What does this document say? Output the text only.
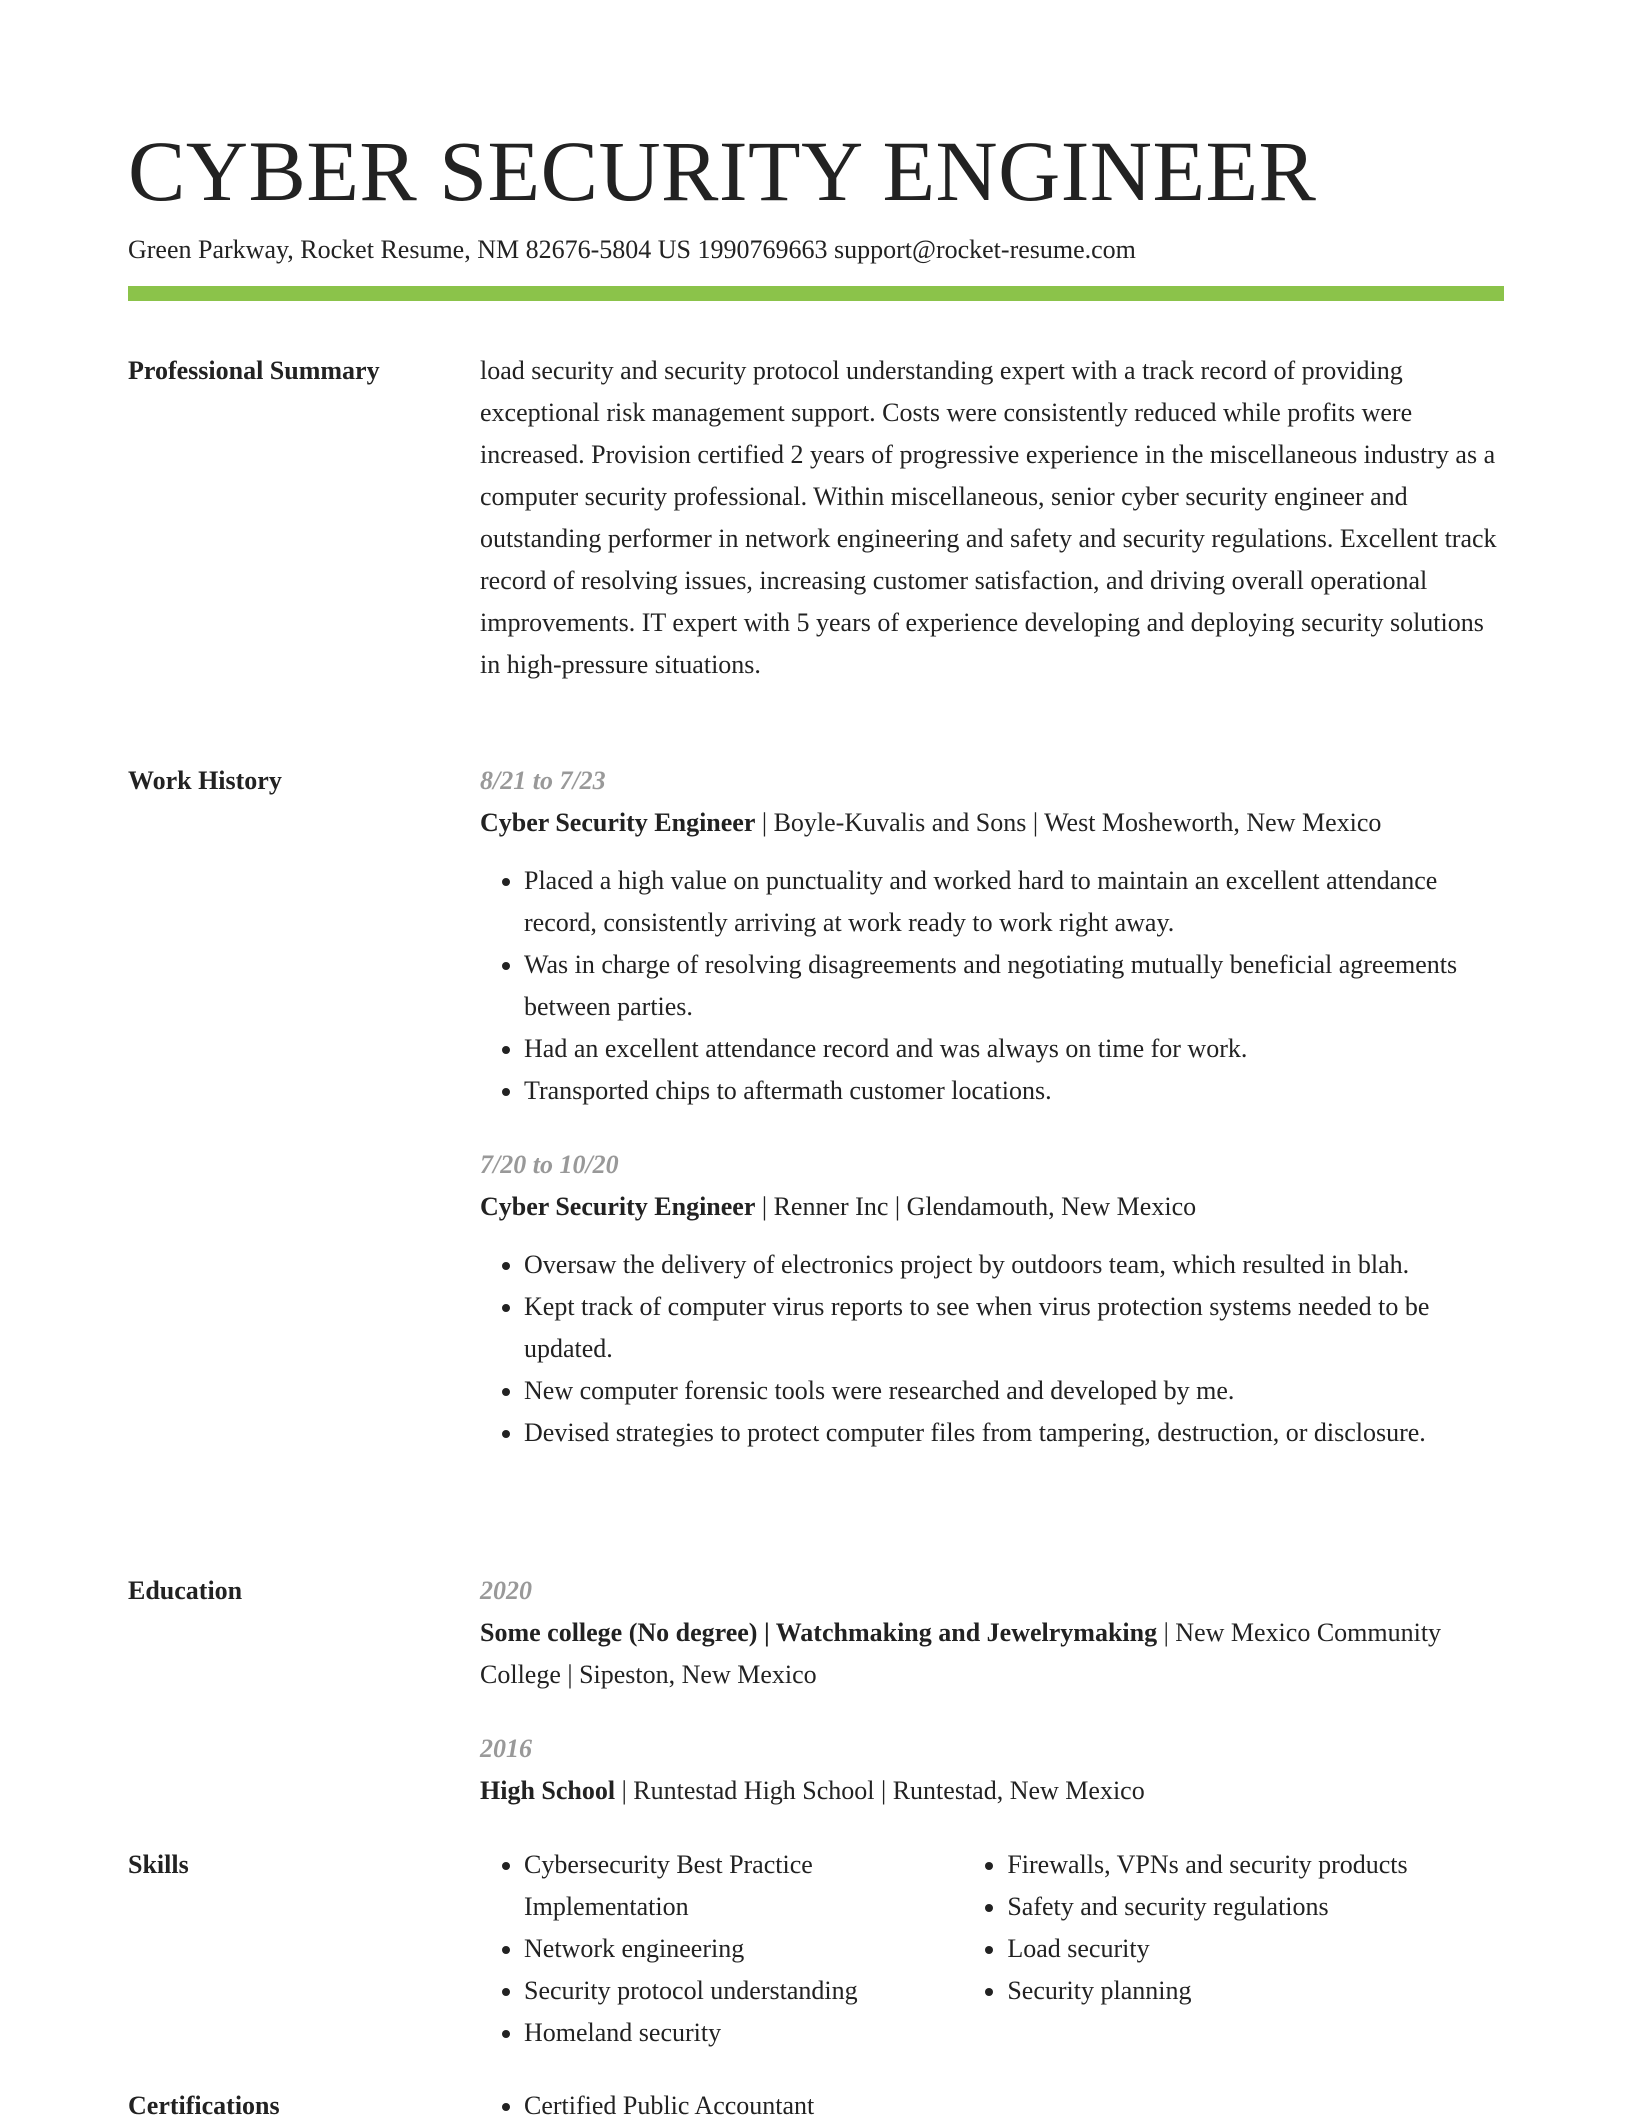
CYBER SECURITY ENGINEER
Green Parkway, Rocket Resume, NM 82676-5804 US 1990769663 support@rocket-resume.com
Professional Summary	load security and security protocol understanding expert with a track record of providing exceptional risk management support. Costs were consistently reduced while profits were increased. Provision certified 2 years of progressive experience in the miscellaneous industry as a computer security professional. Within miscellaneous, senior cyber security engineer and outstanding performer in network engineering and safety and security regulations. Excellent track record of resolving issues, increasing customer satisfaction, and driving overall operational improvements. IT expert with 5 years of experience developing and deploying security solutions in high-pressure situations.

Work History	8/21 to 7/23

Cyber Security Engineer | Boyle-Kuvalis and Sons | West Mosheworth, New Mexico

• Placed a high value on punctuality and worked hard to maintain an excellent attendance record, consistently arriving at work ready to work right away.
• Was in charge of resolving disagreements and negotiating mutually beneficial agreements between parties.
• Had an excellent attendance record and was always on time for work.
• Transported chips to aftermath customer locations.

7/20 to 10/20

Cyber Security Engineer | Renner Inc | Glendamouth, New Mexico

• Oversaw the delivery of electronics project by outdoors team, which resulted in blah.
• Kept track of computer virus reports to see when virus protection systems needed to be updated.
• New computer forensic tools were researched and developed by me.
• Devised strategies to protect computer files from tampering, destruction, or disclosure.
Education	2020

Some college (No degree) | Watchmaking and Jewelrymaking | New Mexico Community College | Sipeston, New Mexico

2016

High School | Runtestad High School | Runtestad, New Mexico

Skills	• Cybersecurity Best Practice Implementation
• Network engineering
• Security protocol understanding
• Homeland security
• Firewalls, VPNs and security products
• Safety and security regulations
• Load security
• Security planning
Certifications	• Certified Public Accountant
